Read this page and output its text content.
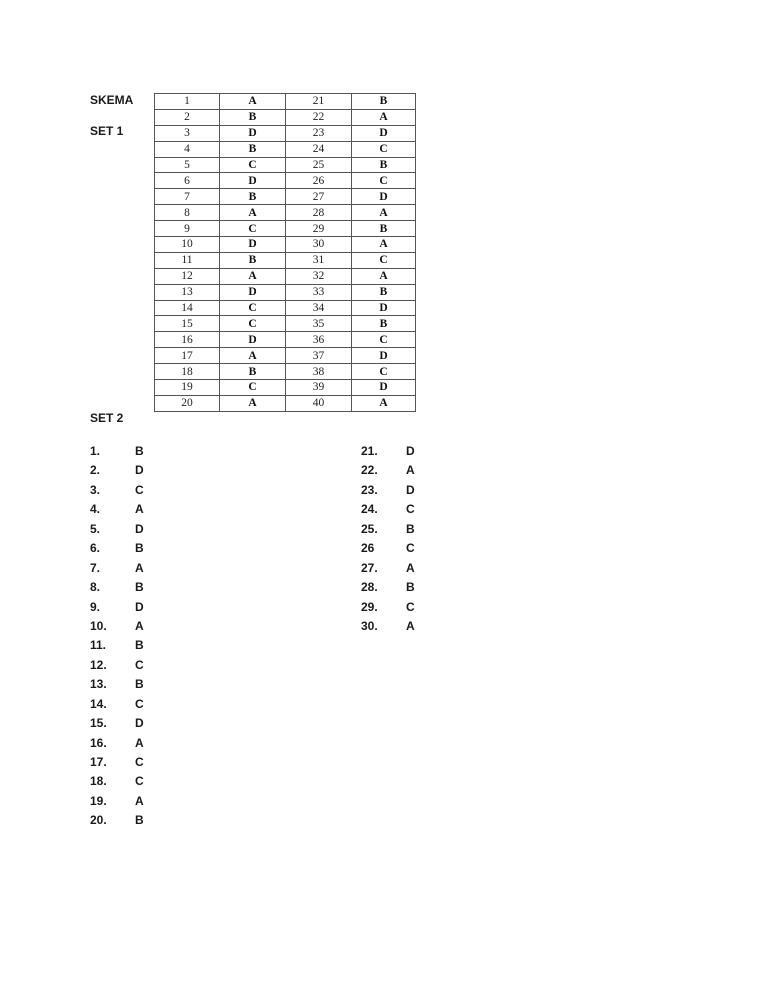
SKEMA
SET 1
SET 2
1	A	21	B
2	B	22	A
3	D	23	D
4	B	24	C
5	C	25	B
6	D	26	C
7	B	27	D
8	A	28	A
9	C	29	B
10	D	30	A
11	B	31	C
12	A	32	A
13	D	33	B
14	C	34	D
15	C	35	B
16	D	36	C
17	A	37	D
18	B	38	C
19	C	39	D
20	A	40	A
1.	B
2.	D
3.	C
4.	A
5.	D
6.	B
7.	A
8.	B
9.	D
10. A
11. B
12. C
13. B
14. C
15. D
16. A
17. C
18. C
19. A
20. B
21. D
22. A
23. D
24. C
25. B
26	C
27. A
28. B
29. C
30. A
